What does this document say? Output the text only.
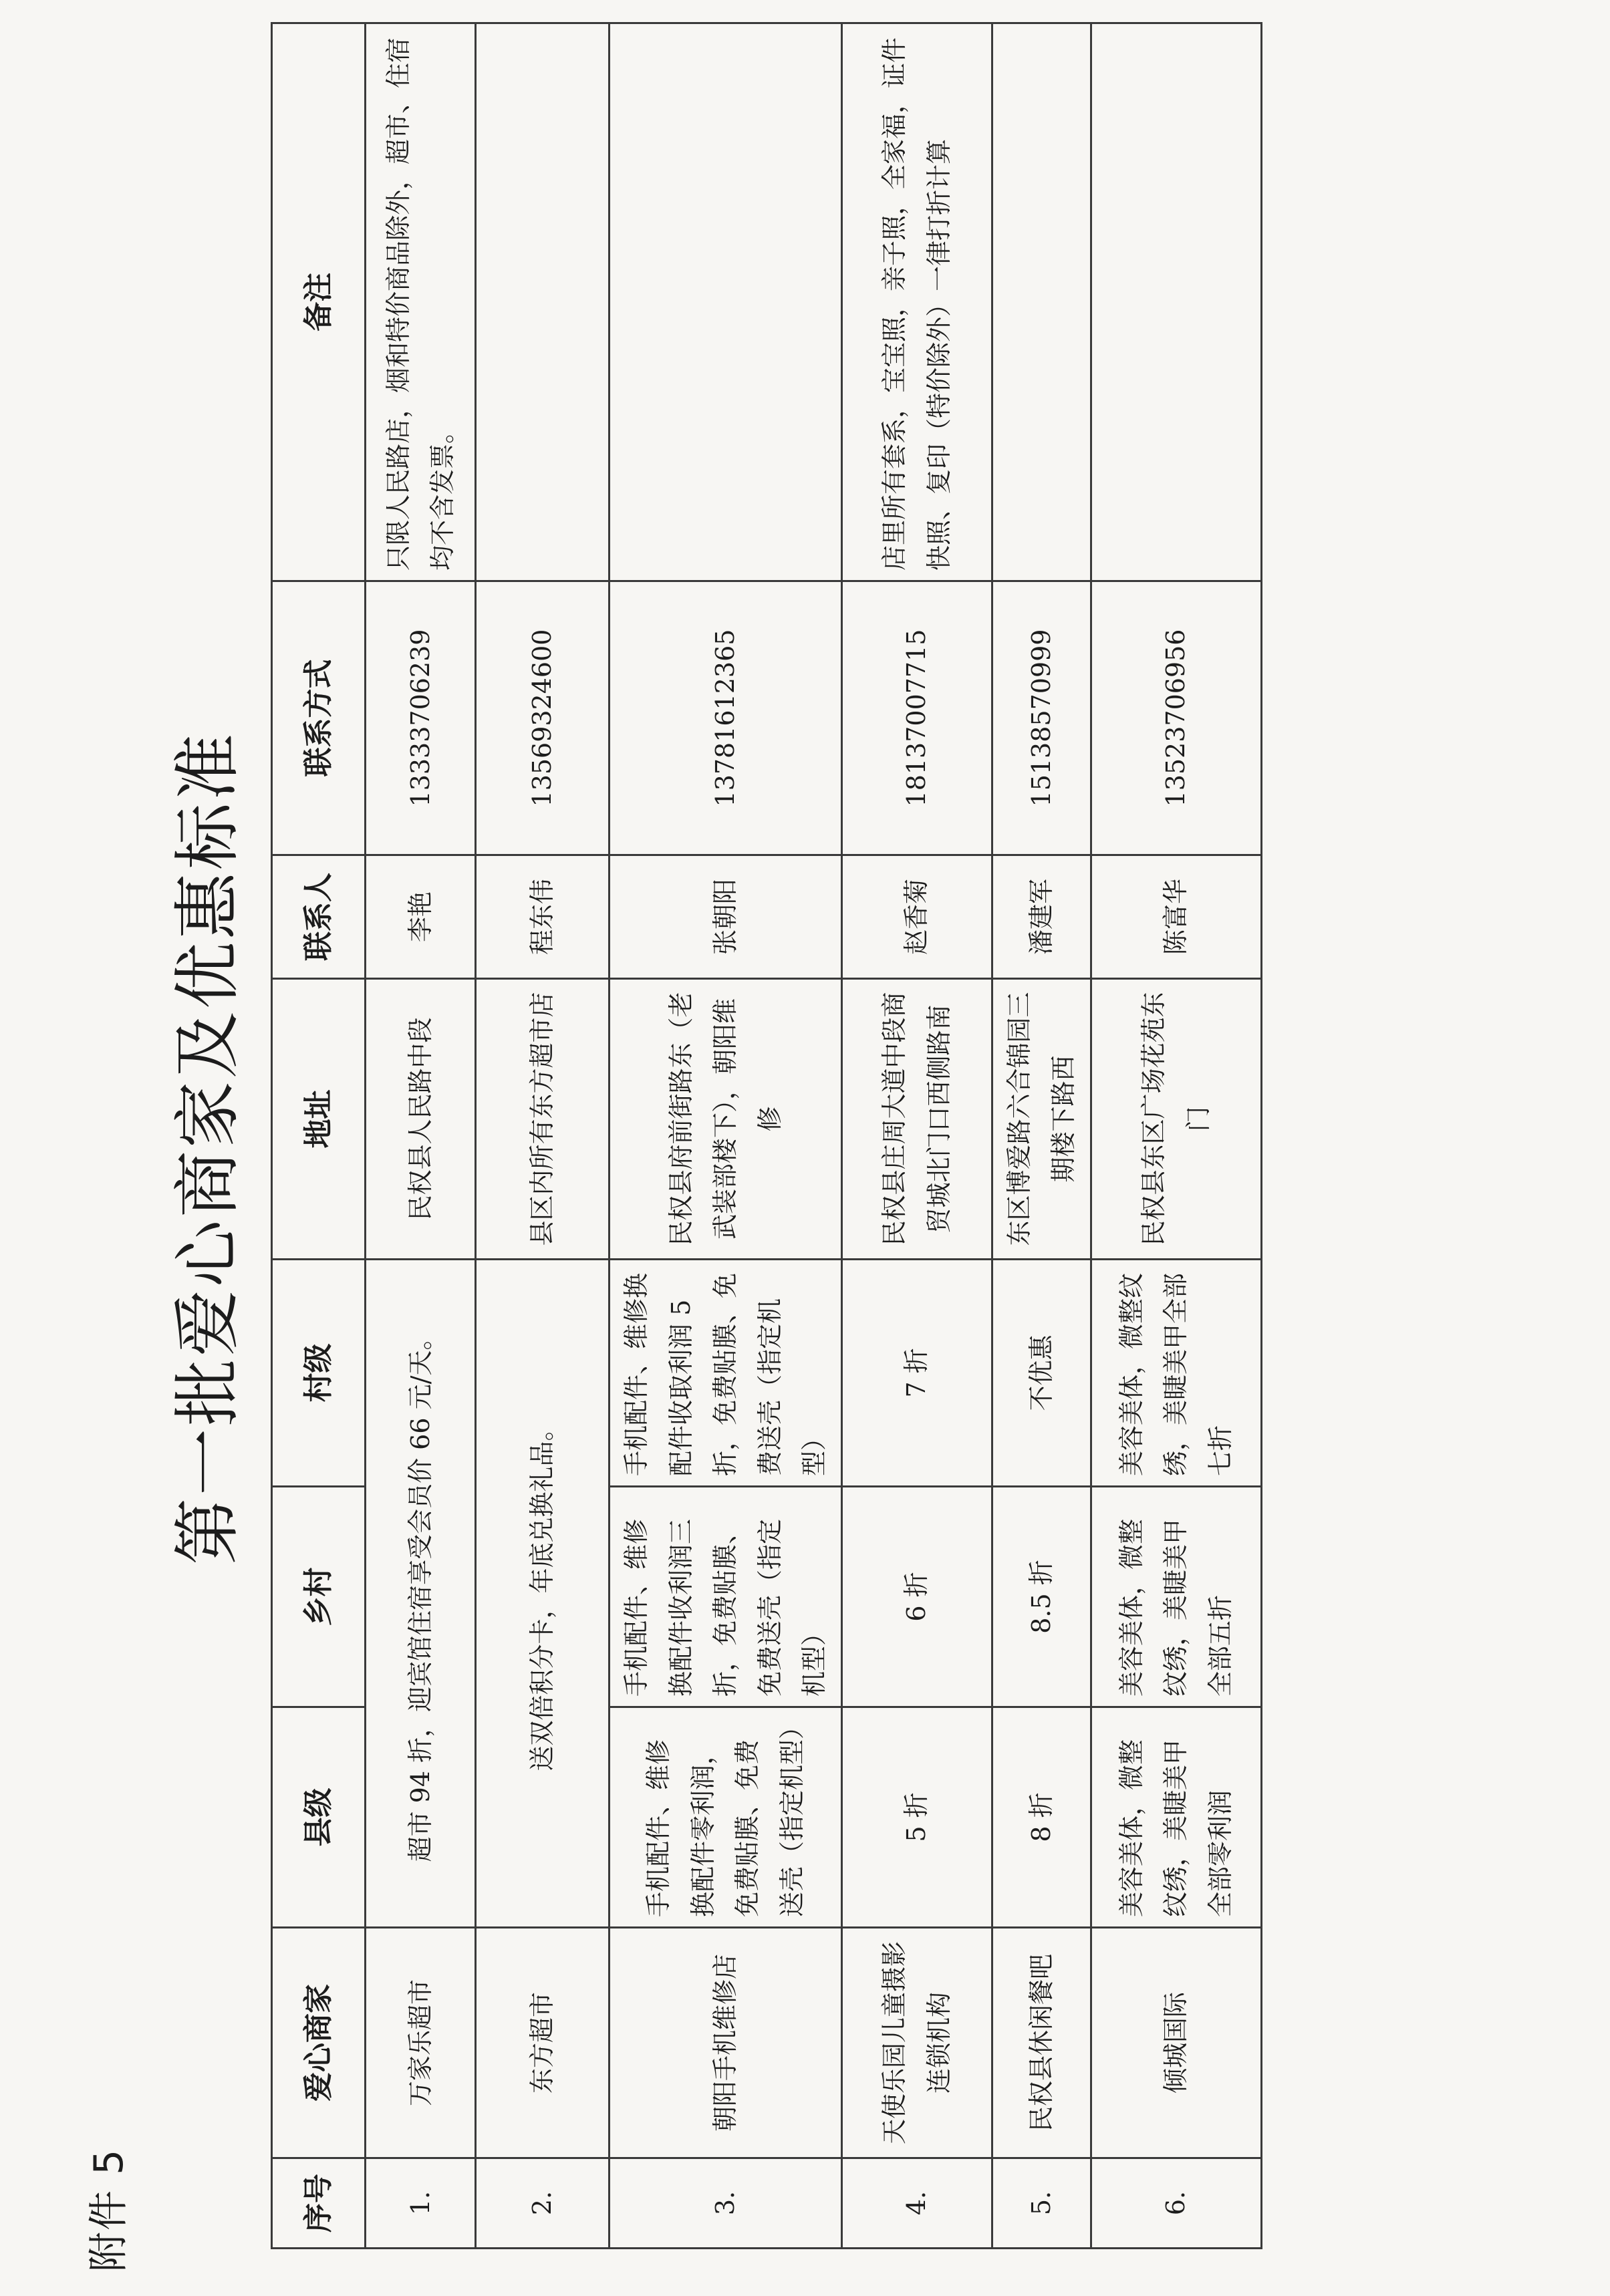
附件 5
第一批爱心商家及优惠标准
序号	爱心商家	县级	乡村	村级	地址	联系人	联系方式	备注
1.	万家乐超市	超市 94 折，迎宾馆住宿享受会员价 66 元/天。			民权县人民路中段	李艳	13333706239	只限人民路店，烟和特价商品除外，超市、住宿均不含发票。
2.	东方超市	送双倍积分卡，年底兑换礼品。			县区内所有东方超市店	程东伟	13569324600	
3.	朝阳手机维修店	手机配件、维修换配件零利润，免费贴膜、免费送壳（指定机型）	手机配件、维修换配件收利润三折，免费贴膜、免费送壳（指定机型）	手机配件、维修换配件收取利润 5 折，免费贴膜、免费送壳（指定机型）	民权县府前街路东（老武装部楼下），朝阳维修	张朝阳	13781612365	
4.	天使乐园儿童摄影连锁机构	5 折	6 折	7 折	民权县庄周大道中段商贸城北门口西侧路南	赵香菊	18137007715	店里所有套系，宝宝照，亲子照，全家福，证件快照、复印（特价除外）一律打折计算
5.	民权县休闲餐吧	8 折	8.5 折	不优惠	东区博爱路六合锦园三期楼下路西	潘建军	15138570999	
6.	倾城国际	美容美体，微整纹绣，美睫美甲全部零利润	美容美体，微整纹绣，美睫美甲全部五折	美容美体，微整纹绣，美睫美甲全部七折	民权县东区广场花苑东门	陈富华	13523706956	
